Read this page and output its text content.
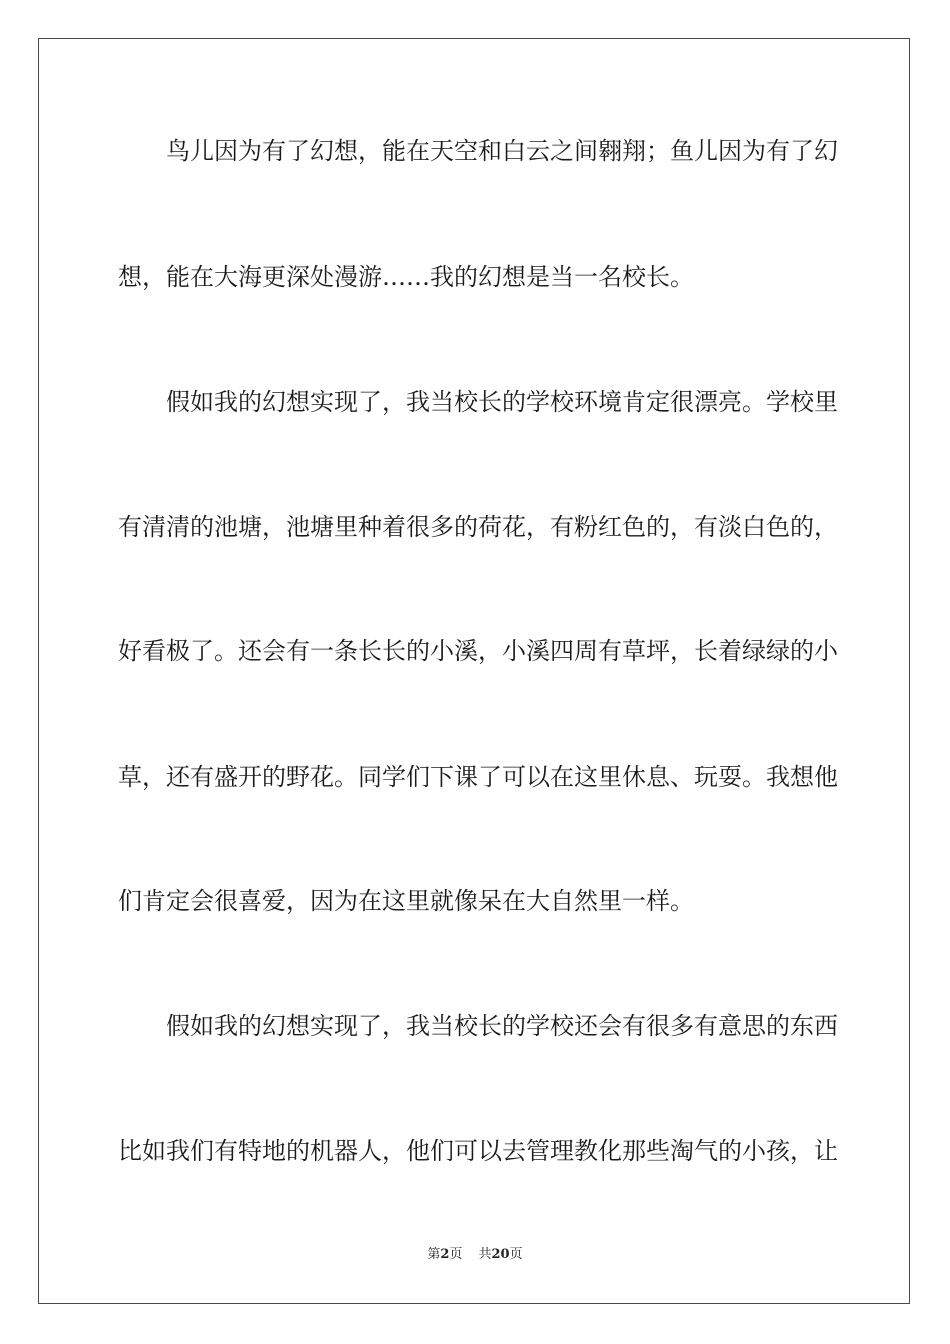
鸟儿因为有了幻想，能在天空和白云之间翱翔；鱼儿因为有了幻
想，能在大海更深处漫游……我的幻想是当一名校长。
假如我的幻想实现了，我当校长的学校环境肯定很漂亮。学校里
有清清的池塘，池塘里种着很多的荷花，有粉红色的，有淡白色的，
好看极了。还会有一条长长的小溪，小溪四周有草坪，长着绿绿的小
草，还有盛开的野花。同学们下课了可以在这里休息、玩耍。我想他
们肯定会很喜爱，因为在这里就像呆在大自然里一样。
假如我的幻想实现了，我当校长的学校还会有很多有意思的东西
比如我们有特地的机器人，他们可以去管理教化那些淘气的小孩，让
第2页 共20页
